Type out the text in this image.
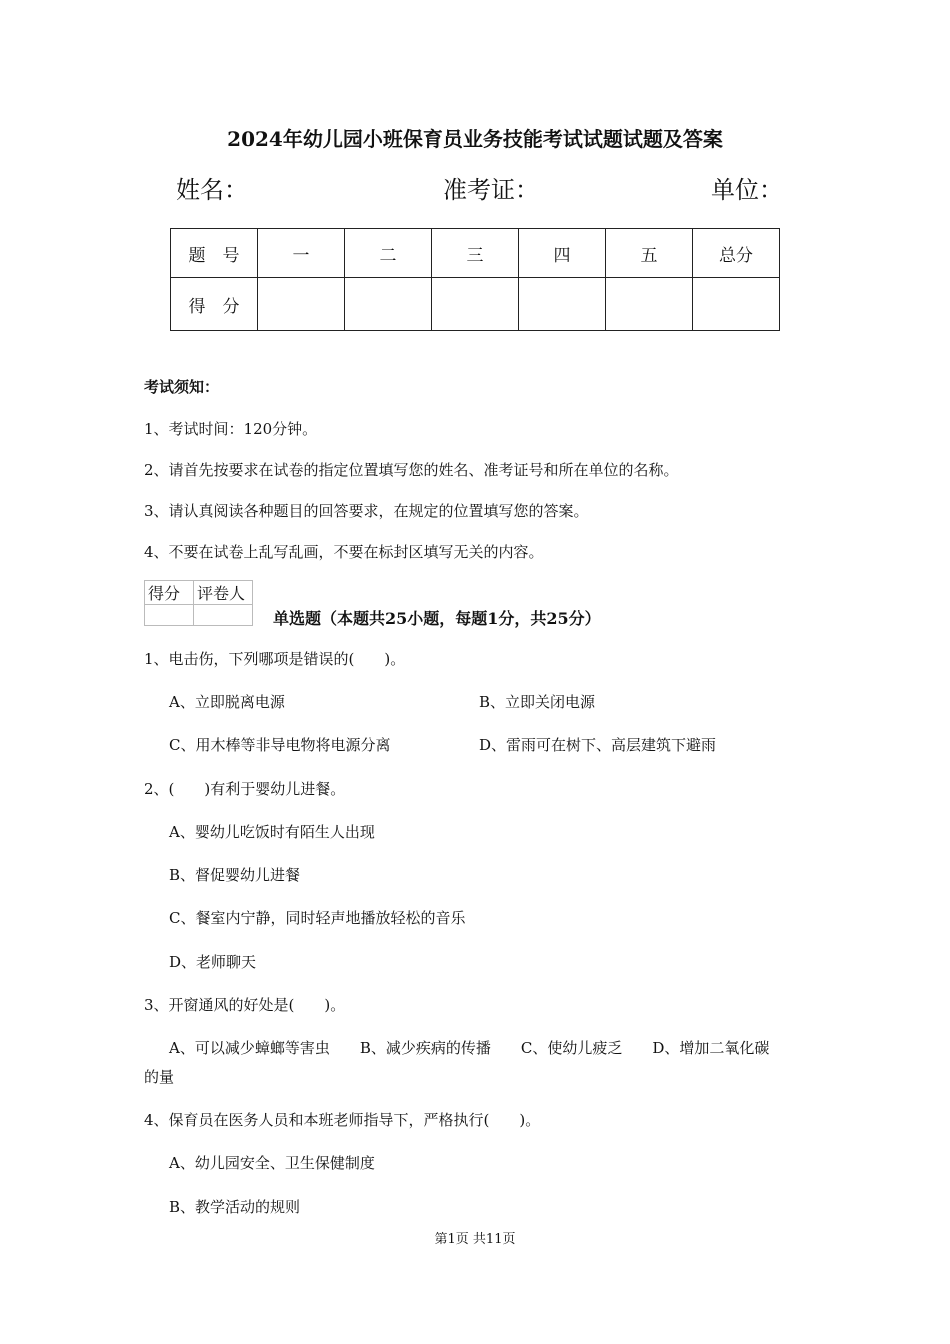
2024年幼儿园小班保育员业务技能考试试题试题及答案
姓名：	准考证：	单位：
题　号	一	二	三	四	五	总分
得　分						
考试须知：
1、考试时间：120分钟。
2、请首先按要求在试卷的指定位置填写您的姓名、准考证号和所在单位的名称。
3、请认真阅读各种题目的回答要求，在规定的位置填写您的答案。
4、不要在试卷上乱写乱画，不要在标封区填写无关的内容。
得分	评卷人

单选题（本题共25小题，每题1分，共25分）
1、电击伤，下列哪项是错误的(　　)。
A、立即脱离电源	B、立即关闭电源
C、用木棒等非导电物将电源分离	D、雷雨可在树下、高层建筑下避雨
2、(　　)有利于婴幼儿进餐。
A、婴幼儿吃饭时有陌生人出现
B、督促婴幼儿进餐
C、餐室内宁静，同时轻声地播放轻松的音乐
D、老师聊天
3、开窗通风的好处是(　　)。
A、可以减少蟑螂等害虫　　B、减少疾病的传播　　C、使幼儿疲乏　　D、增加二氧化碳
的量
4、保育员在医务人员和本班老师指导下，严格执行(　　)。
A、幼儿园安全、卫生保健制度
B、教学活动的规则
第1页 共11页
